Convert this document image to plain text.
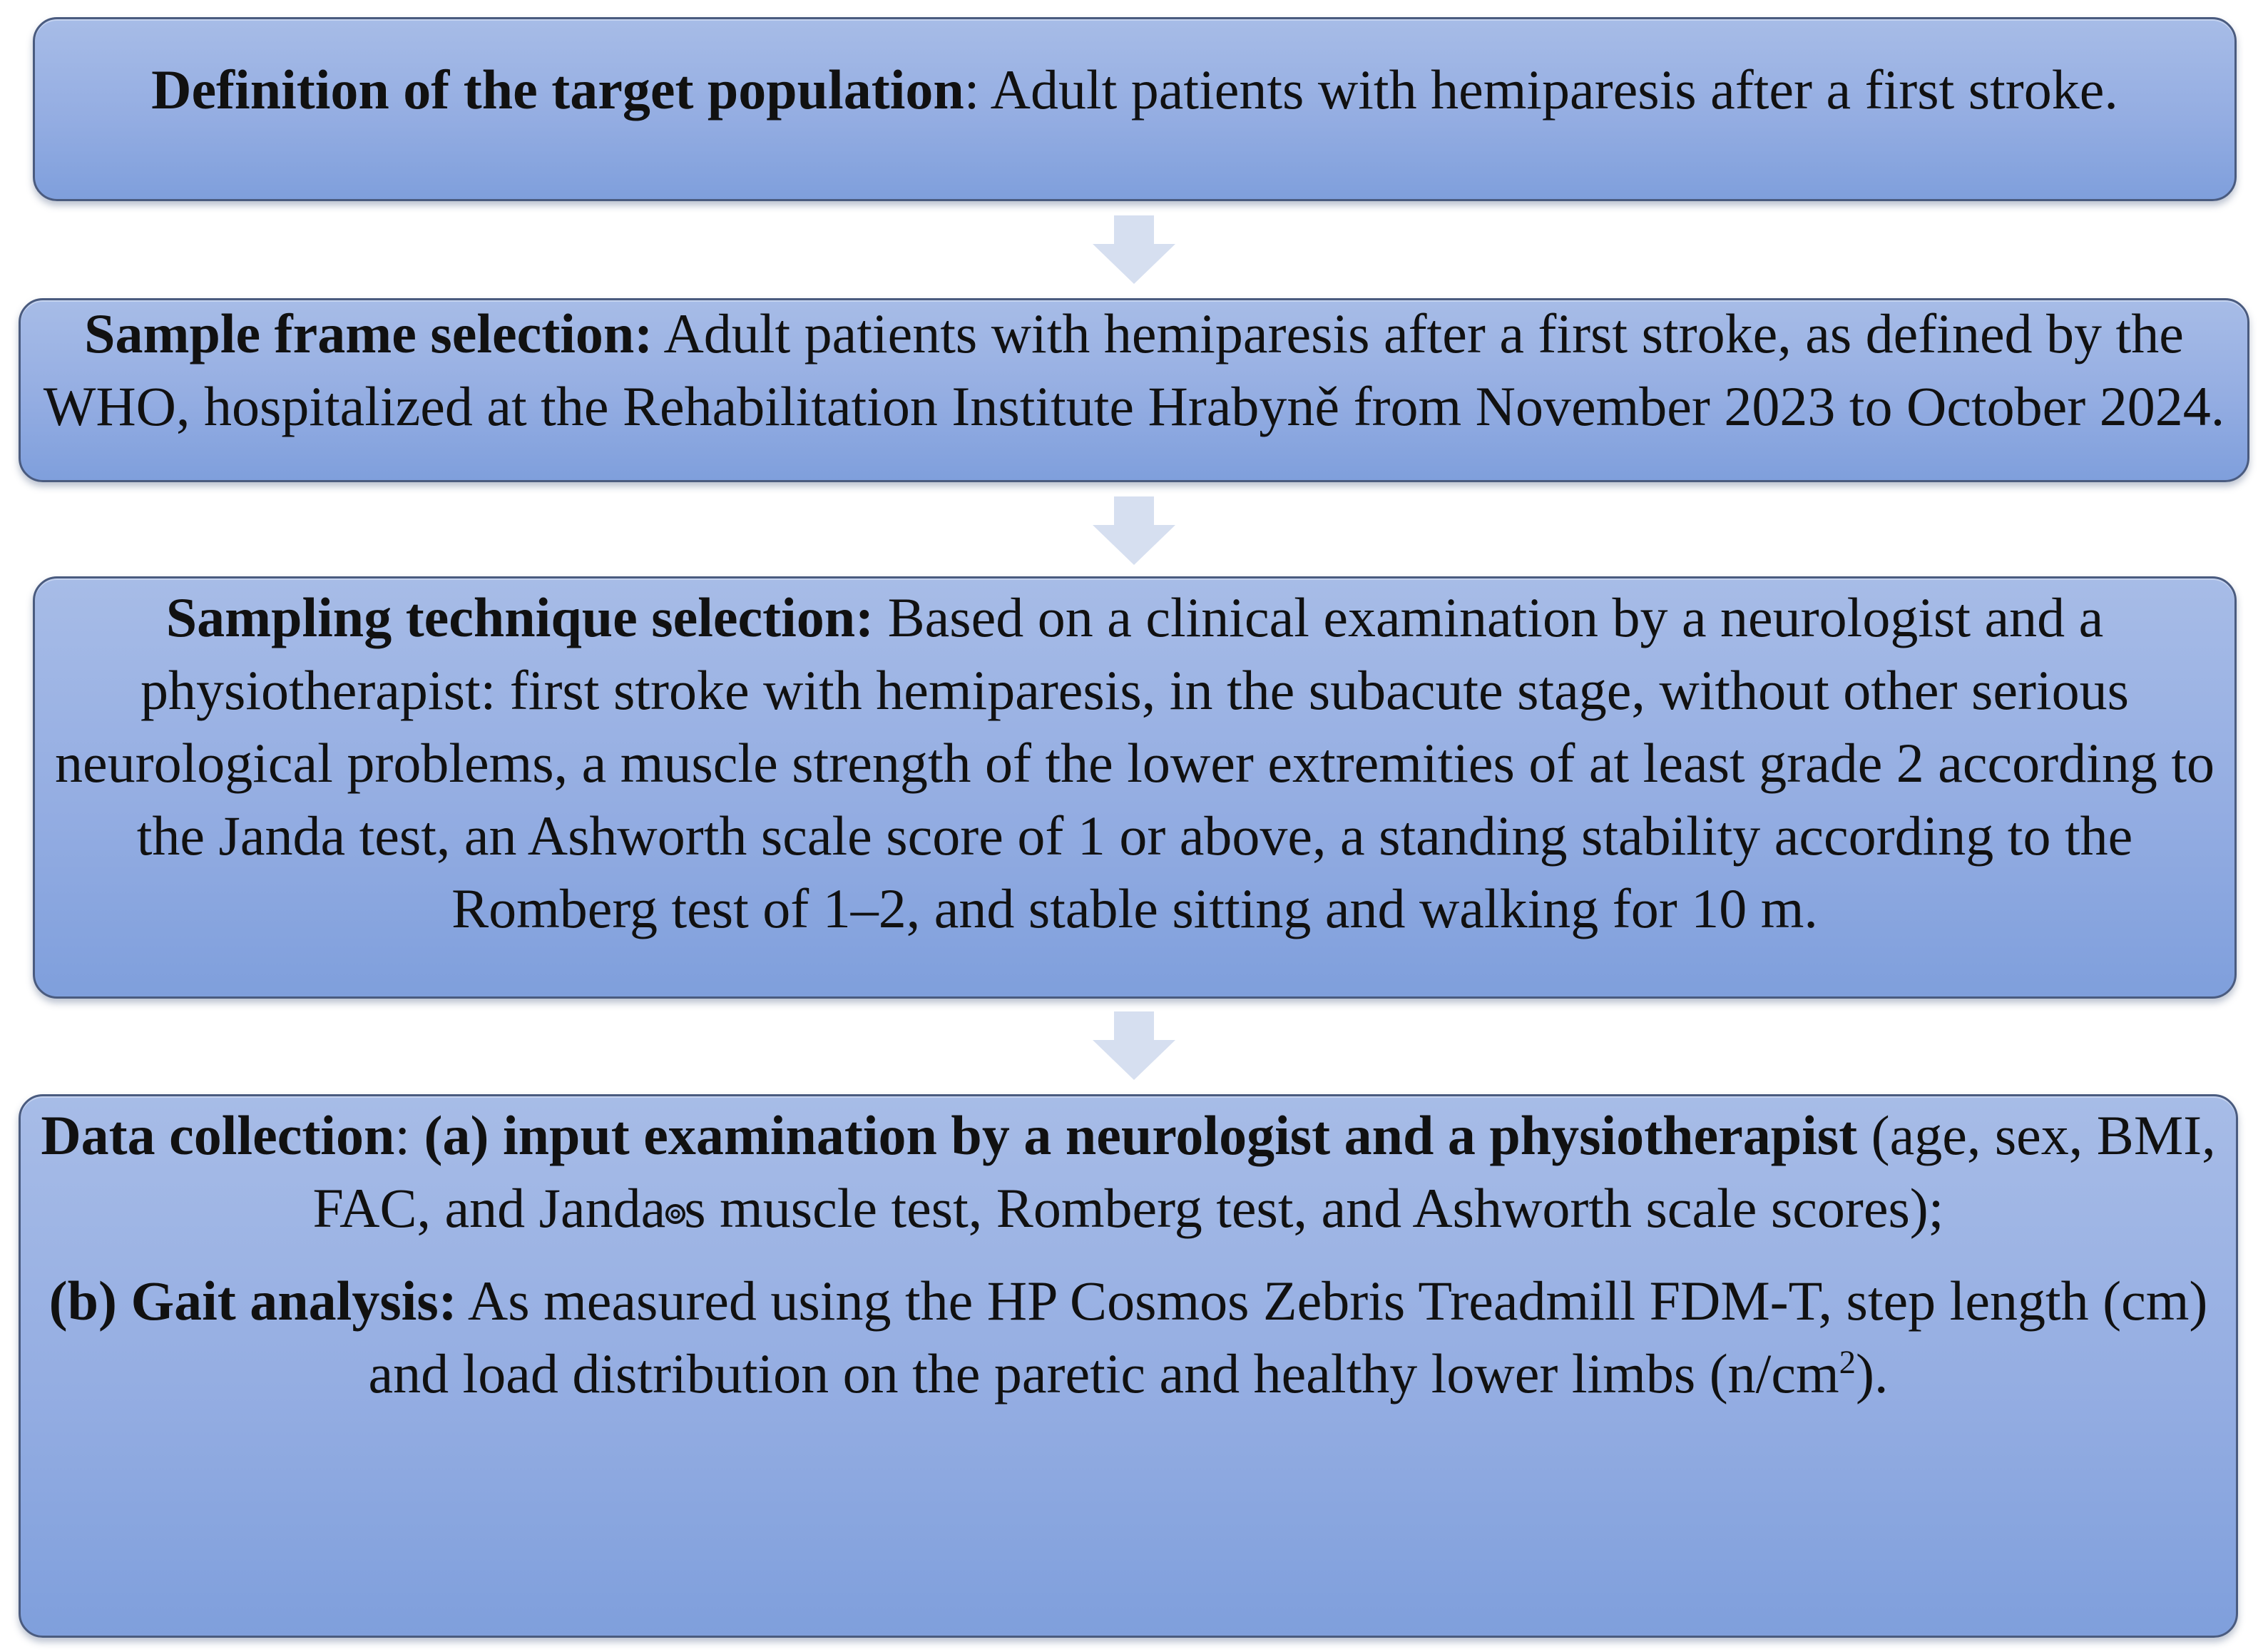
Definition of the target population: Adult patients with hemiparesis after a first stroke.

Sample frame selection: Adult patients with hemiparesis after a first stroke, as defined by the WHO, hospitalized at the Rehabilitation Institute Hrabyně from November 2023 to October 2024.

Sampling technique selection: Based on a clinical examination by a neurologist and a physiotherapist: first stroke with hemiparesis, in the subacute stage, without other serious neurological problems, a muscle strength of the lower extremities of at least grade 2 according to the Janda test, an Ashworth scale score of 1 or above, a standing stability according to the Romberg test of 1–2, and stable sitting and walking for 10 m.

Data collection: (a) input examination by a neurologist and a physiotherapist (age, sex, BMI, FAC, and Janda s muscle test, Romberg test, and Ashworth scale scores);

(b) Gait analysis: As measured using the HP Cosmos Zebris Treadmill FDM-T, step length (cm) and load distribution on the paretic and healthy lower limbs $(n/cm^2)$.
